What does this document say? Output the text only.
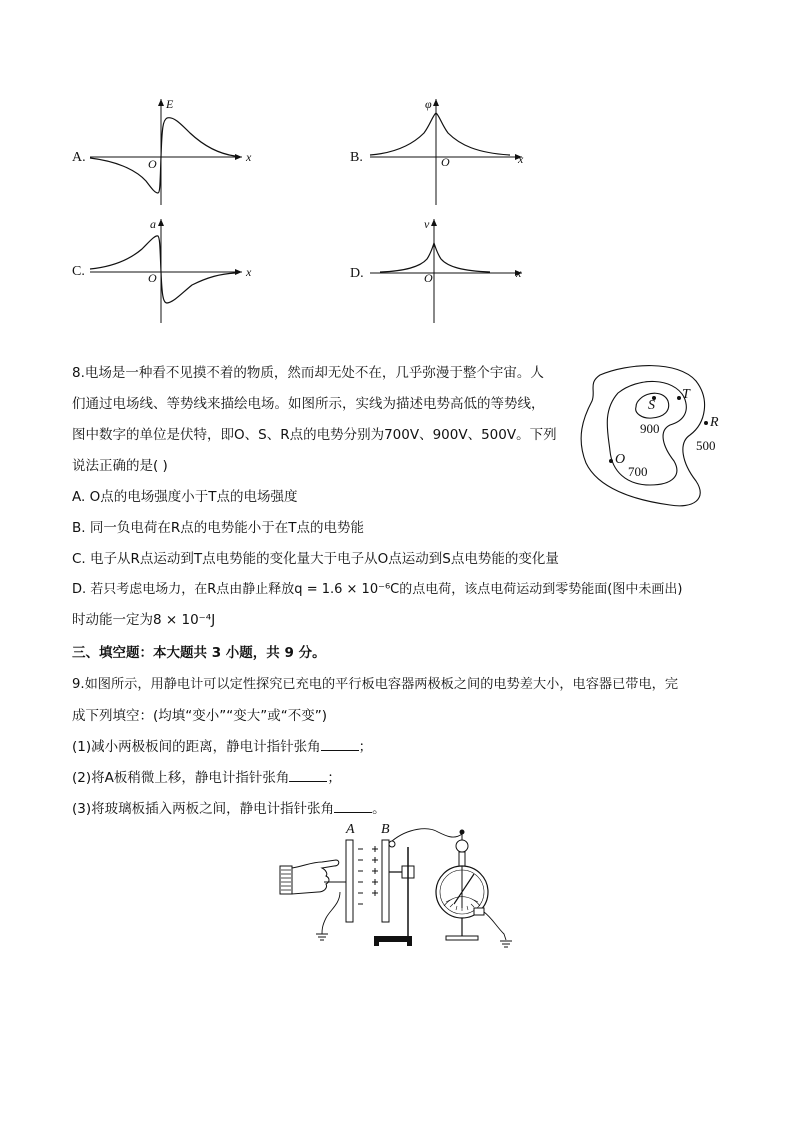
A.
E
x
O	B.
φ
x
O
C.
a
x
O	D.
v
x
O
8.电场是一种看不见摸不着的物质，然而却无处不在，几乎弥漫于整个宇宙。人
们通过电场线、等势线来描绘电场。如图所示，实线为描述电势高低的等势线，
图中数字的单位是伏特，即O、S、R点的电势分别为700V、900V、500V。下列
说法正确的是( )
S
T
R
O
900
500
700
A. O点的电场强度小于T点的电场强度
B. 同一负电荷在R点的电势能小于在T点的电势能
C. 电子从R点运动到T点电势能的变化量大于电子从O点运动到S点电势能的变化量
D. 若只考虑电场力，在R点由静止释放q = 1.6 × 10⁻⁶C的点电荷，该点电荷运动到零势能面(图中未画出)
时动能一定为8 × 10⁻⁴J
三、填空题：本大题共 3 小题，共 9 分。
9.如图所示，用静电计可以定性探究已充电的平行板电容器两极板之间的电势差大小，电容器已带电，完
成下列填空：(均填“变小”“变大”或“不变”)
(1)减小两极板间的距离，静电计指针张角	；
(2)将A板稍微上移，静电计指针张角	；
(3)将玻璃板插入两板之间，静电计指针张角	。
A B
